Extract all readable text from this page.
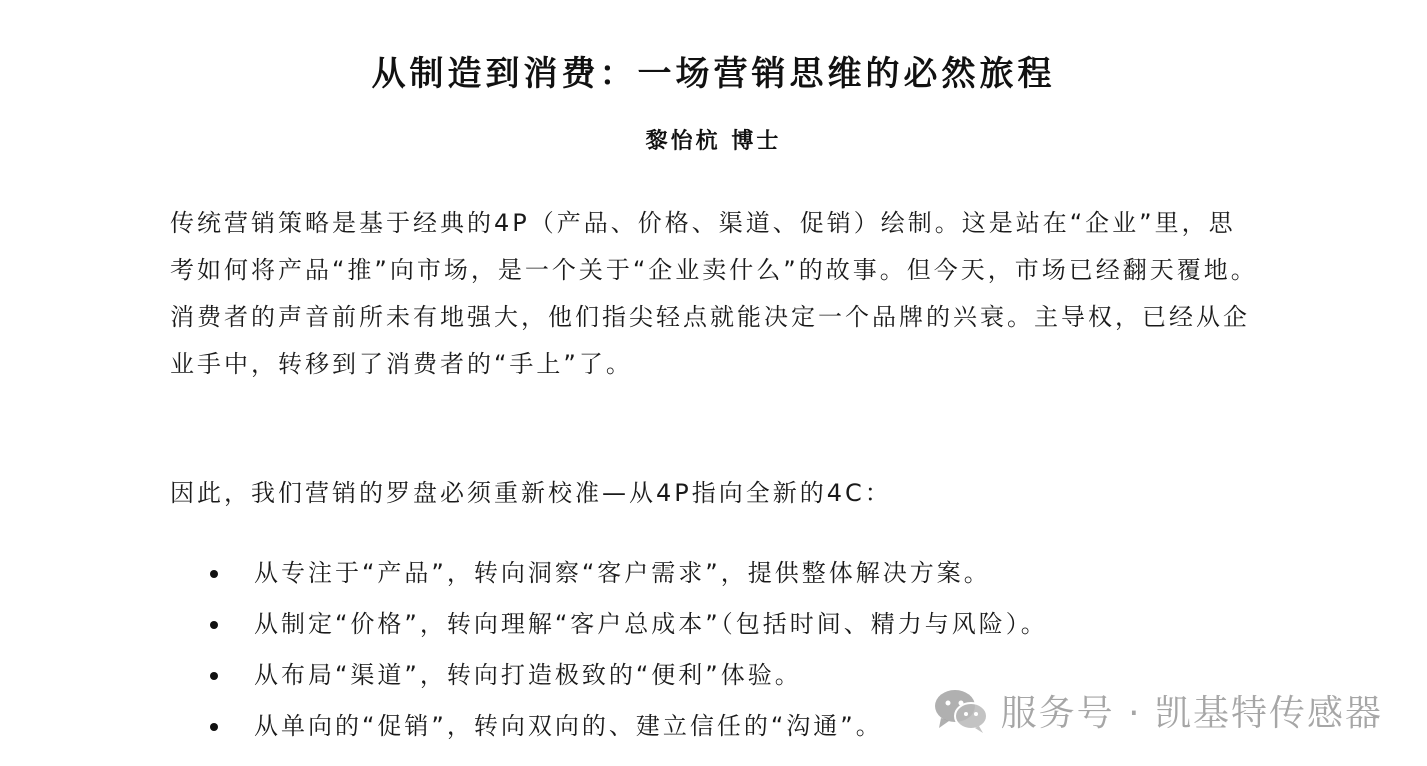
从制造到消费：一场营销思维的必然旅程
黎怡杭 博士

传统营销策略是基于经典的4P（产品、价格、渠道、促销）绘制。这是站在“企业”里，思考如何将产品“推”向市场，是一个关于“企业卖什么”的故事。但今天，市场已经翻天覆地。消费者的声音前所未有地强大，他们指尖轻点就能决定一个品牌的兴衰。主导权，已经从企业手中，转移到了消费者的“手上”了。

因此，我们营销的罗盘必须重新校准—从4P指向全新的4C：

从专注于“产品”，转向洞察“客户需求”，提供整体解决方案。
从制定“价格”，转向理解“客户总成本”（包括时间、精力与风险）。
从布局“渠道”，转向打造极致的“便利”体验。
从单向的“促销”，转向双向的、建立信任的“沟通”。	服务号 · 凯基特传感器
